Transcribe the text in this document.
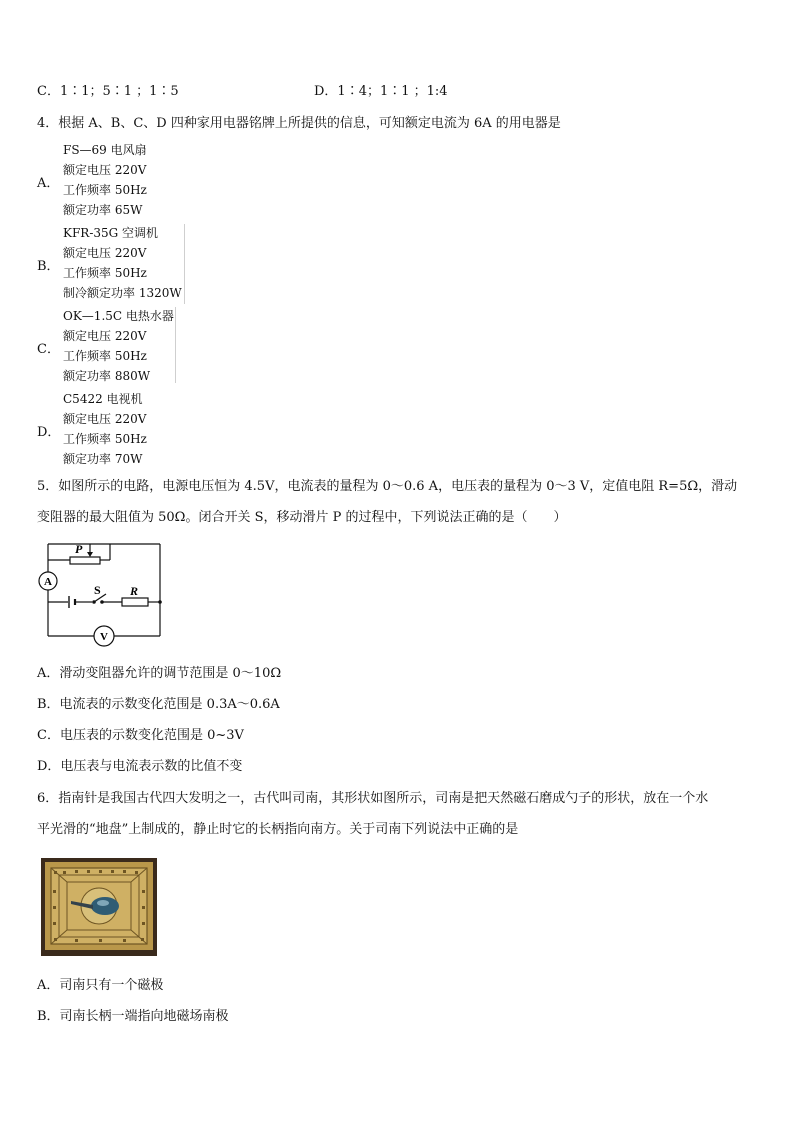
C．1∶1；5∶1 ；1∶5	D．1∶4；1∶1 ；1:4
4．根据 A、B、C、D 四种家用电器铭牌上所提供的信息，可知额定电流为 6A 的用电器是
A．
FS—69 电风扇
额定电压 220V
工作频率 50Hz
额定功率 65W
B．
KFR-35G 空调机
额定电压 220V
工作频率 50Hz
制冷额定功率 1320W
C．
OK—1.5C 电热水器
额定电压 220V
工作频率 50Hz
额定功率 880W
D．
C5422 电视机
额定电压 220V
工作频率 50Hz
额定功率 70W
5．如图所示的电路，电源电压恒为 4.5V，电流表的量程为 0～0.6 A，电压表的量程为 0～3 V，定值电阻 R=5Ω，滑动
变阻器的最大阻值为 50Ω。闭合开关 S，移动滑片 P 的过程中，下列说法正确的是（　　）
P
A
S R
V
A．滑动变阻器允许的调节范围是 0～10Ω
B．电流表的示数变化范围是 0.3A～0.6A
C．电压表的示数变化范围是 0~3V
D．电压表与电流表示数的比值不变
6．指南针是我国古代四大发明之一，古代叫司南，其形状如图所示，司南是把天然磁石磨成勺子的形状，放在一个水
平光滑的“地盘”上制成的，静止时它的长柄指向南方。关于司南下列说法中正确的是
A．司南只有一个磁极
B．司南长柄一端指向地磁场南极
